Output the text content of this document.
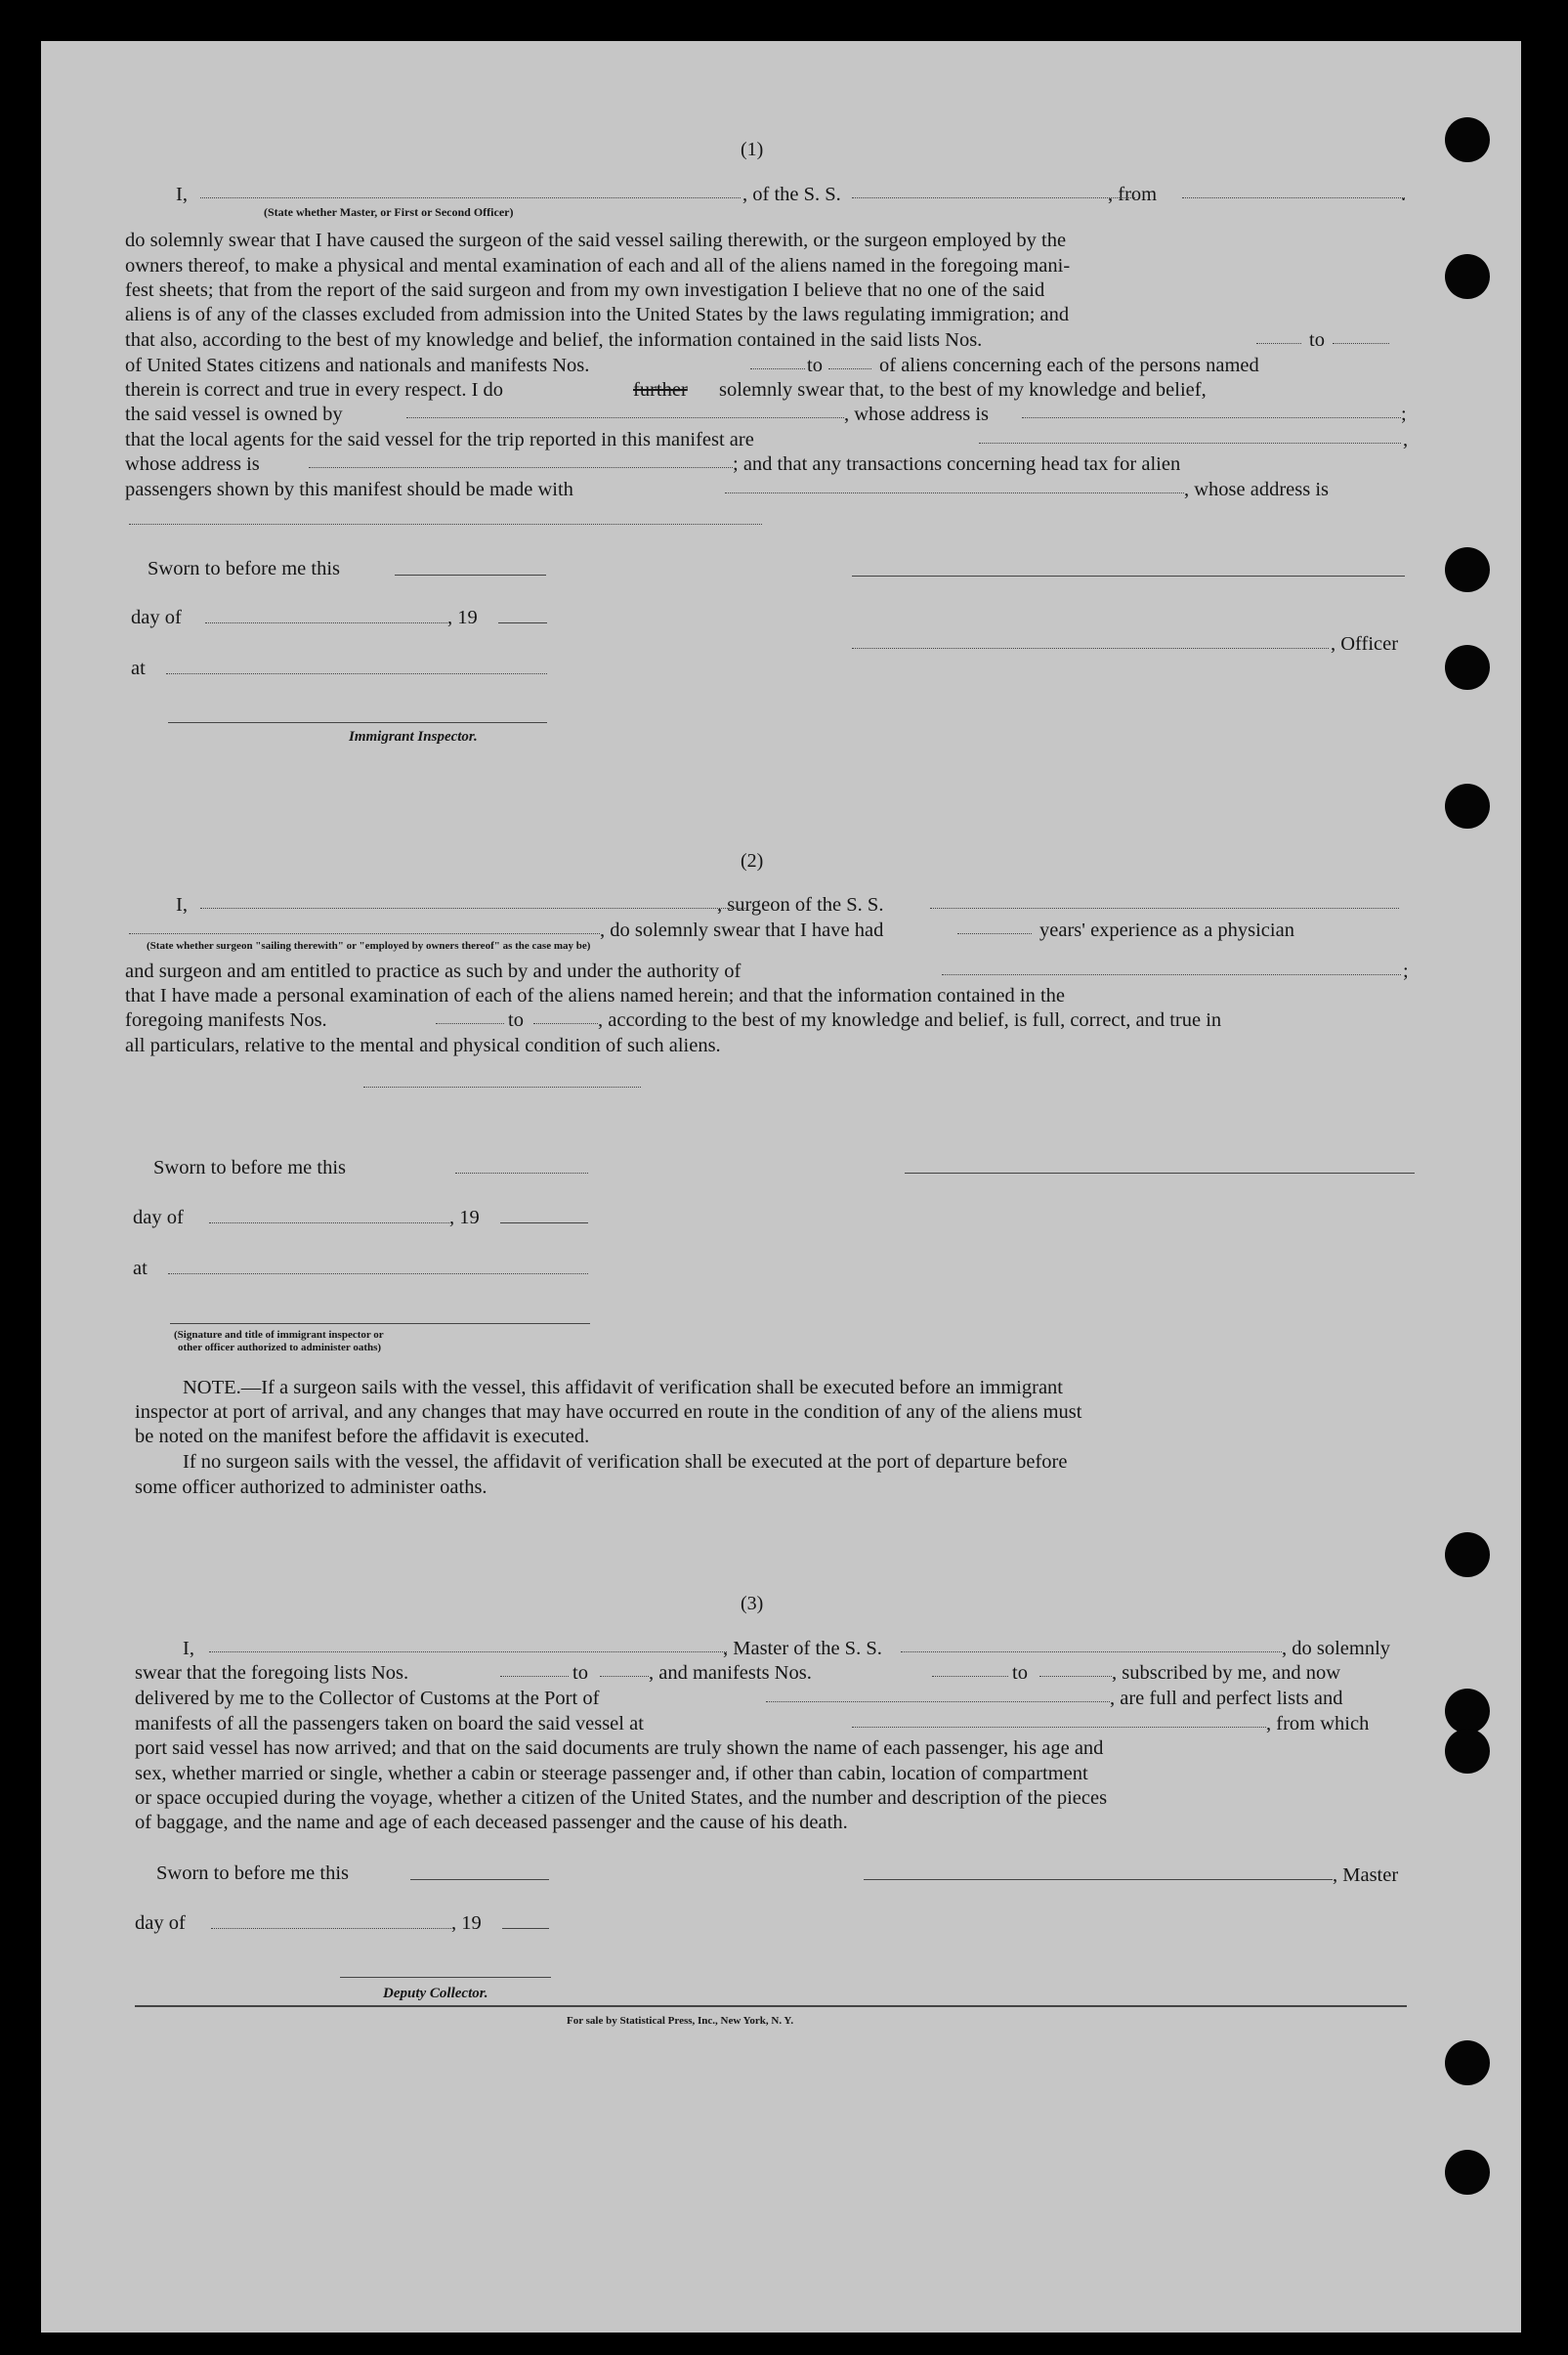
(1)
I,	, of the S. S.	, from	.
(State whether Master, or First or Second Officer)
do solemnly swear that I have caused the surgeon of the said vessel sailing therewith, or the surgeon employed by the
owners thereof, to make a physical and mental examination of each and all of the aliens named in the foregoing mani-
fest sheets; that from the report of the said surgeon and from my own investigation I believe that no one of the said
aliens is of any of the classes excluded from admission into the United States by the laws regulating immigration; and
that also, according to the best of my knowledge and belief, the information contained in the said lists Nos.	to
of United States citizens and nationals and manifests Nos.	to	of aliens concerning each of the persons named
therein is correct and true in every respect. I do	further solemnly swear that, to the best of my knowledge and belief,
the said vessel is owned by	, whose address is	;
that the local agents for the said vessel for the trip reported in this manifest are	,
whose address is	; and that any transactions concerning head tax for alien
passengers shown by this manifest should be made with	, whose address is
Sworn to before me this
day of	, 19
at
Immigrant Inspector.
, Officer
(2)
I,	, surgeon of the S. S.
, do solemnly swear that I have had	years' experience as a physician
(State whether surgeon "sailing therewith" or "employed by owners thereof" as the case may be)
and surgeon and am entitled to practice as such by and under the authority of	;
that I have made a personal examination of each of the aliens named herein; and that the information contained in the
foregoing manifests Nos.	to	, according to the best of my knowledge and belief, is full, correct, and true in
all particulars, relative to the mental and physical condition of such aliens.
Sworn to before me this
day of	, 19
at
(Signature and title of immigrant inspector or
other officer authorized to administer oaths)
NOTE.—If a surgeon sails with the vessel, this affidavit of verification shall be executed before an immigrant
inspector at port of arrival, and any changes that may have occurred en route in the condition of any of the aliens must
be noted on the manifest before the affidavit is executed.
If no surgeon sails with the vessel, the affidavit of verification shall be executed at the port of departure before
some officer authorized to administer oaths.
(3)
I,	, Master of the S. S.	, do solemnly
swear that the foregoing lists Nos.	to	, and manifests Nos.	to	, subscribed by me, and now
delivered by me to the Collector of Customs at the Port of	, are full and perfect lists and
manifests of all the passengers taken on board the said vessel at	, from which
port said vessel has now arrived; and that on the said documents are truly shown the name of each passenger, his age and
sex, whether married or single, whether a cabin or steerage passenger and, if other than cabin, location of compartment
or space occupied during the voyage, whether a citizen of the United States, and the number and description of the pieces
of baggage, and the name and age of each deceased passenger and the cause of his death.
Sworn to before me this	, Master
day of	, 19
Deputy Collector.
For sale by Statistical Press, Inc., New York, N. Y.
